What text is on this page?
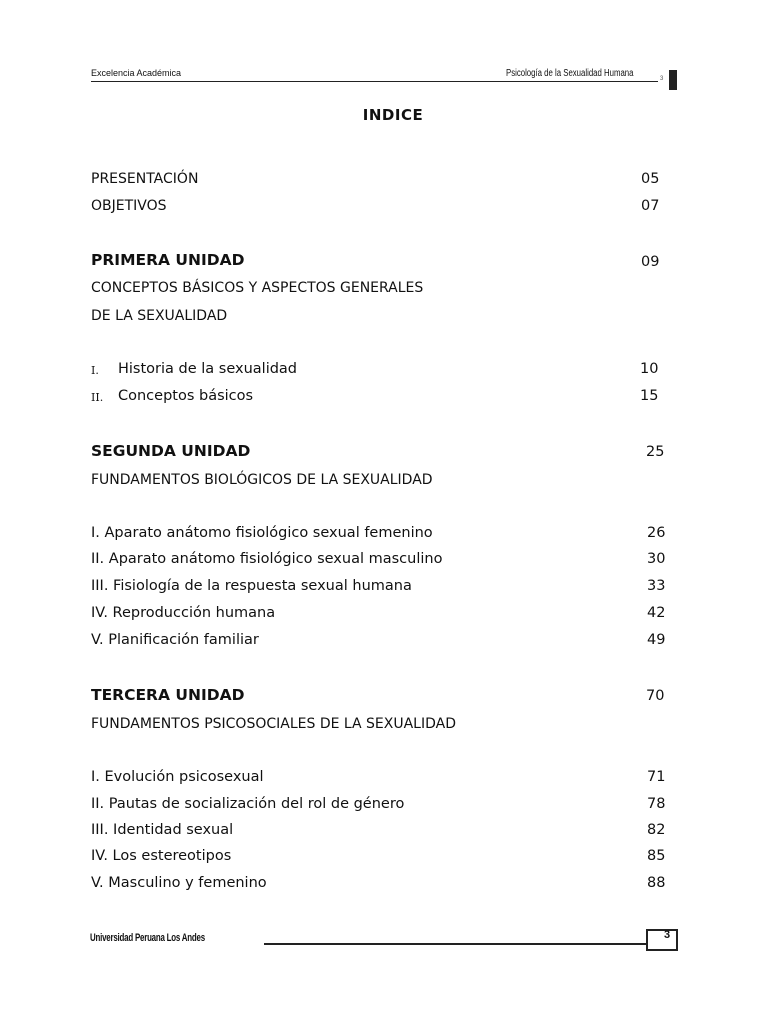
Excelencia Académica	Psicología de la Sexualidad Humana	3
INDICE
PRESENTACIÓN	05
OBJETIVOS	07
PRIMERA UNIDAD	09
CONCEPTOS BÁSICOS Y ASPECTOS GENERALES
DE LA SEXUALIDAD
I. Historia de la sexualidad	10
II. Conceptos básicos	15
SEGUNDA UNIDAD	25
FUNDAMENTOS BIOLÓGICOS DE LA SEXUALIDAD
I. Aparato anátomo fisiológico sexual femenino	26
II. Aparato anátomo fisiológico sexual masculino	30
III. Fisiología de la respuesta sexual humana	33
IV. Reproducción humana	42
V. Planificación familiar	49
TERCERA UNIDAD	70
FUNDAMENTOS PSICOSOCIALES DE LA SEXUALIDAD
I. Evolución psicosexual	71
II. Pautas de socialización del rol de género	78
III. Identidad sexual	82
IV. Los estereotipos	85
V. Masculino y femenino	88
Universidad Peruana Los Andes	3
